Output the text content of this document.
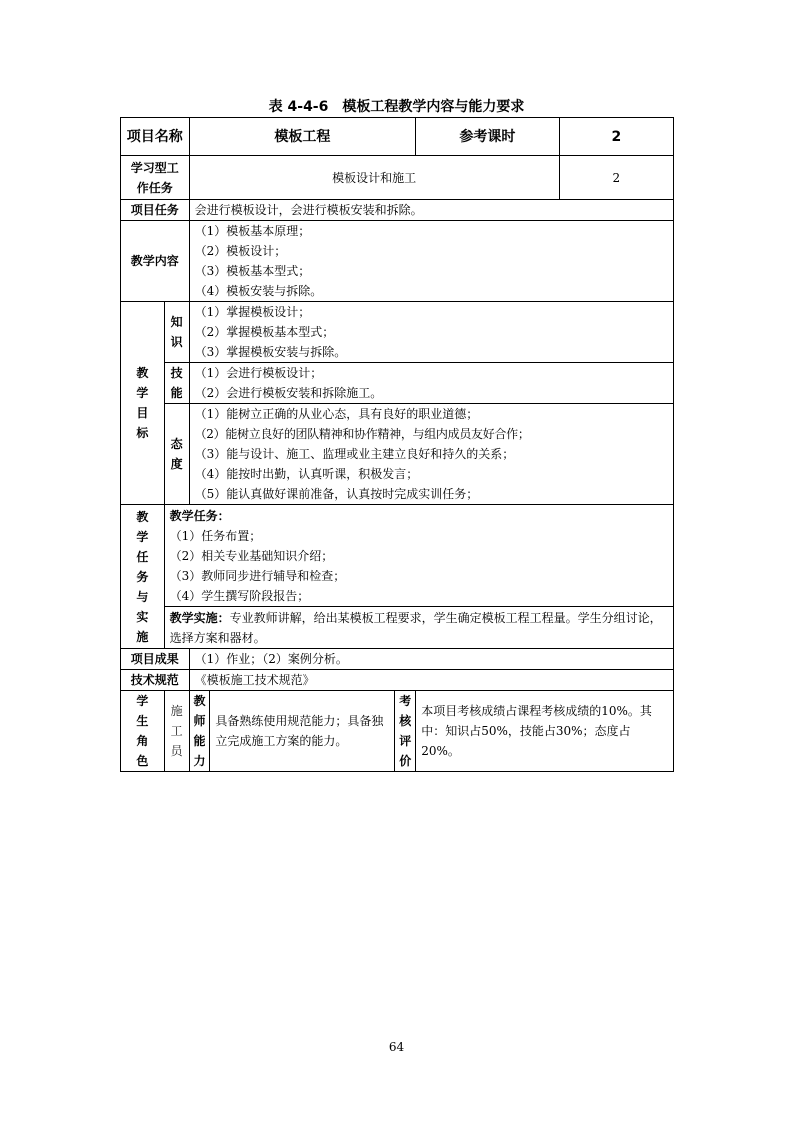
表 4-4-6　模板工程教学内容与能力要求
项目名称		模板工程			参考课时	2
学习型工作任务		模板设计和施工				2
项目任务		会进行模板设计，会进行模板安装和拆除。				
教学内容		（1）模板基本原理；
（2）模板设计；
（3）模板基本型式；
（4）模板安装与拆除。				

教学目标	知识	（1）掌握模板设计；
（2）掌握模板基本型式；
（3）掌握模板安装与拆除。				

	技能	（1）会进行模板设计；
（2）会进行模板安装和拆除施工。				

	态度	（1）能树立正确的从业心态，具有良好的职业道德；
（2）能树立良好的团队精神和协作精神，与组内成员友好合作；
（3）能与设计、施工、监理或业主建立良好和持久的关系；
（4）能按时出勤，认真听课，积极发言；
（5）能认真做好课前准备，认真按时完成实训任务；				

教学任务与实施	教学任务：
（1）任务布置；
（2）相关专业基础知识介绍；
（3）教师同步进行辅导和检查；
（4）学生撰写阶段报告；					

	教学实施：专业教师讲解，给出某模板工程要求，学生确定模板工程工程量。学生分组讨论，选择方案和器材。					
项目成果		（1）作业；（2）案例分析。				
技术规范		《模板施工技术规范》				
学生角色	施工员	教师能力	具备熟练使用规范能力；具备独立完成施工方案的能力。	考核评价	本项目考核成绩占课程考核成绩的10%。其中：知识占50%，技能占30%；态度占20%。	
64
